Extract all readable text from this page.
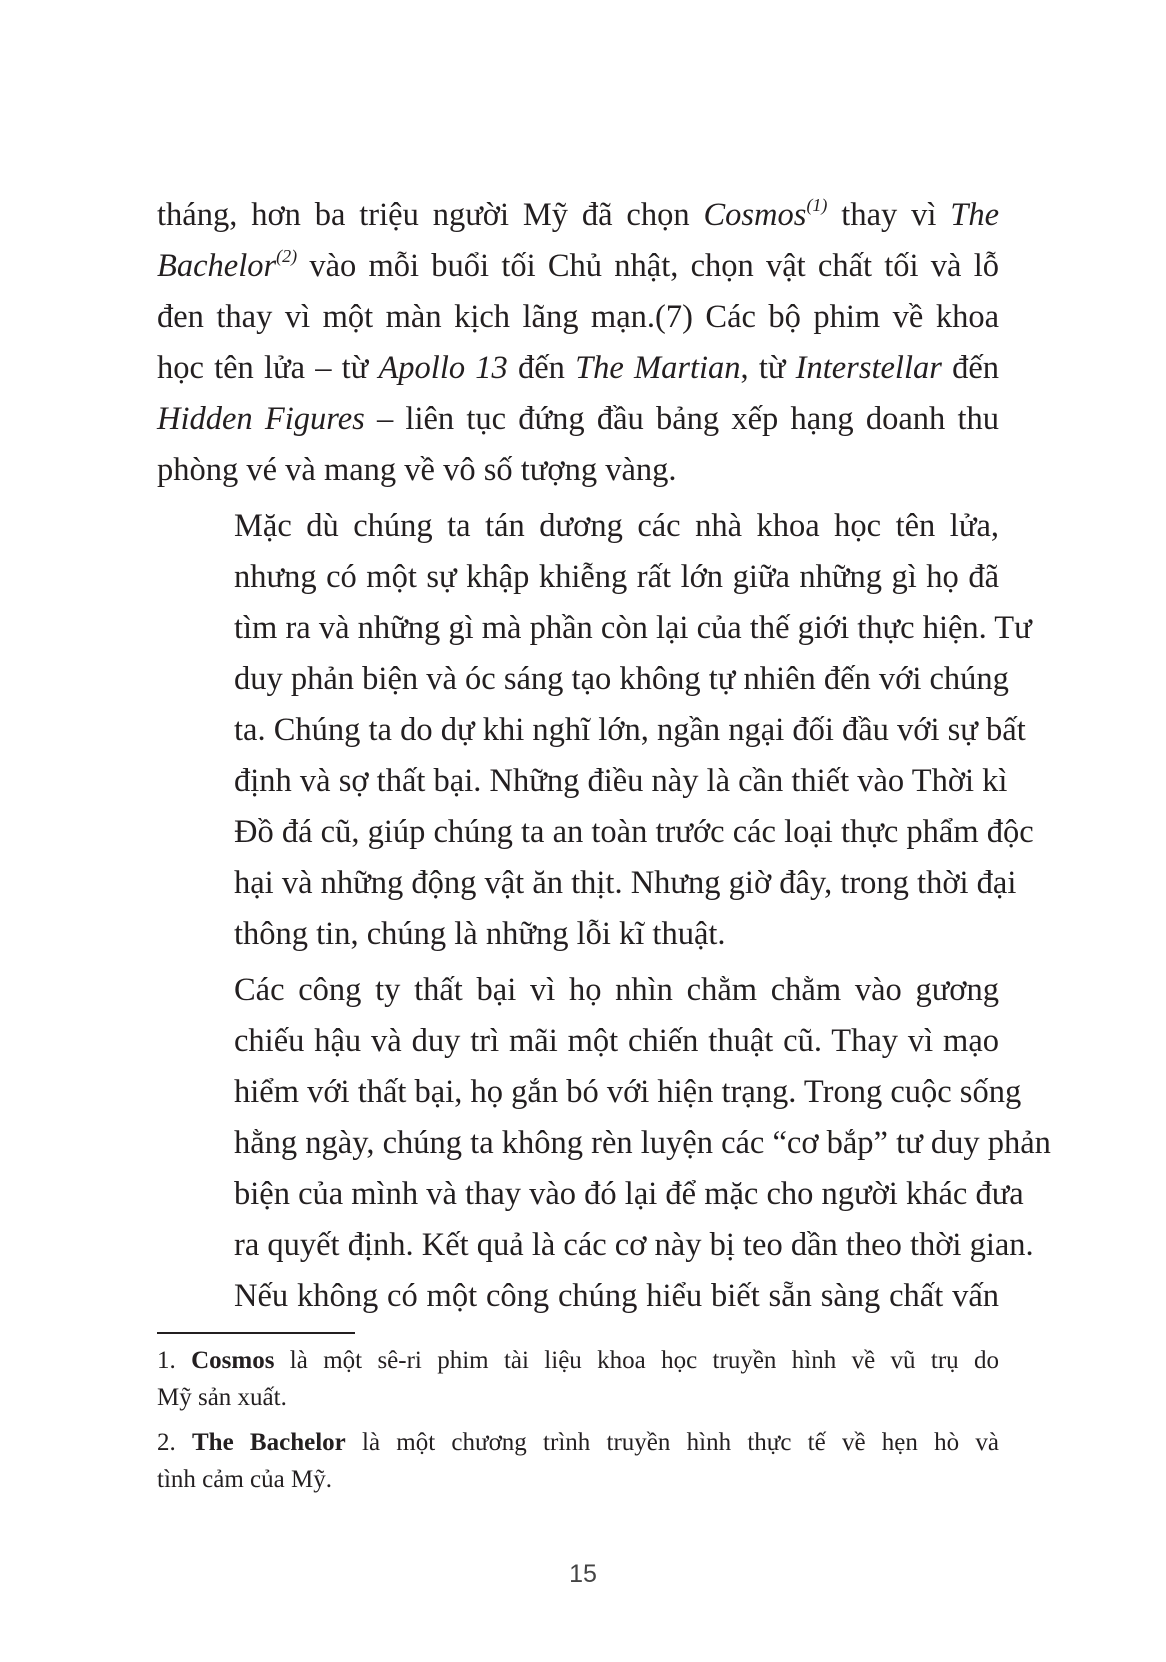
tháng, hơn ba triệu người Mỹ đã chọn Cosmos$^{(1)}$ thay vì The
Bachelor$^{(2)}$ vào mỗi buổi tối Chủ nhật, chọn vật chất tối và lỗ
đen thay vì một màn kịch lãng mạn.(7) Các bộ phim về khoa
học tên lửa – từ Apollo 13 đến The Martian, từ Interstellar đến
Hidden Figures – liên tục đứng đầu bảng xếp hạng doanh thu
phòng vé và mang về vô số tượng vàng.

Mặc dù chúng ta tán dương các nhà khoa học tên lửa,
nhưng có một sự khập khiễng rất lớn giữa những gì họ đã
tìm ra và những gì mà phần còn lại của thế giới thực hiện. Tư
duy phản biện và óc sáng tạo không tự nhiên đến với chúng
ta. Chúng ta do dự khi nghĩ lớn, ngần ngại đối đầu với sự bất
định và sợ thất bại. Những điều này là cần thiết vào Thời kì
Đồ đá cũ, giúp chúng ta an toàn trước các loại thực phẩm độc
hại và những động vật ăn thịt. Nhưng giờ đây, trong thời đại
thông tin, chúng là những lỗi kĩ thuật.

Các công ty thất bại vì họ nhìn chằm chằm vào gương
chiếu hậu và duy trì mãi một chiến thuật cũ. Thay vì mạo
hiểm với thất bại, họ gắn bó với hiện trạng. Trong cuộc sống
hằng ngày, chúng ta không rèn luyện các “cơ bắp” tư duy phản
biện của mình và thay vào đó lại để mặc cho người khác đưa
ra quyết định. Kết quả là các cơ này bị teo dần theo thời gian.
Nếu không có một công chúng hiểu biết sẵn sàng chất vấn

1. Cosmos là một sê-ri phim tài liệu khoa học truyền hình về vũ trụ do
Mỹ sản xuất.

2. The Bachelor là một chương trình truyền hình thực tế về hẹn hò và
tình cảm của Mỹ.

15
